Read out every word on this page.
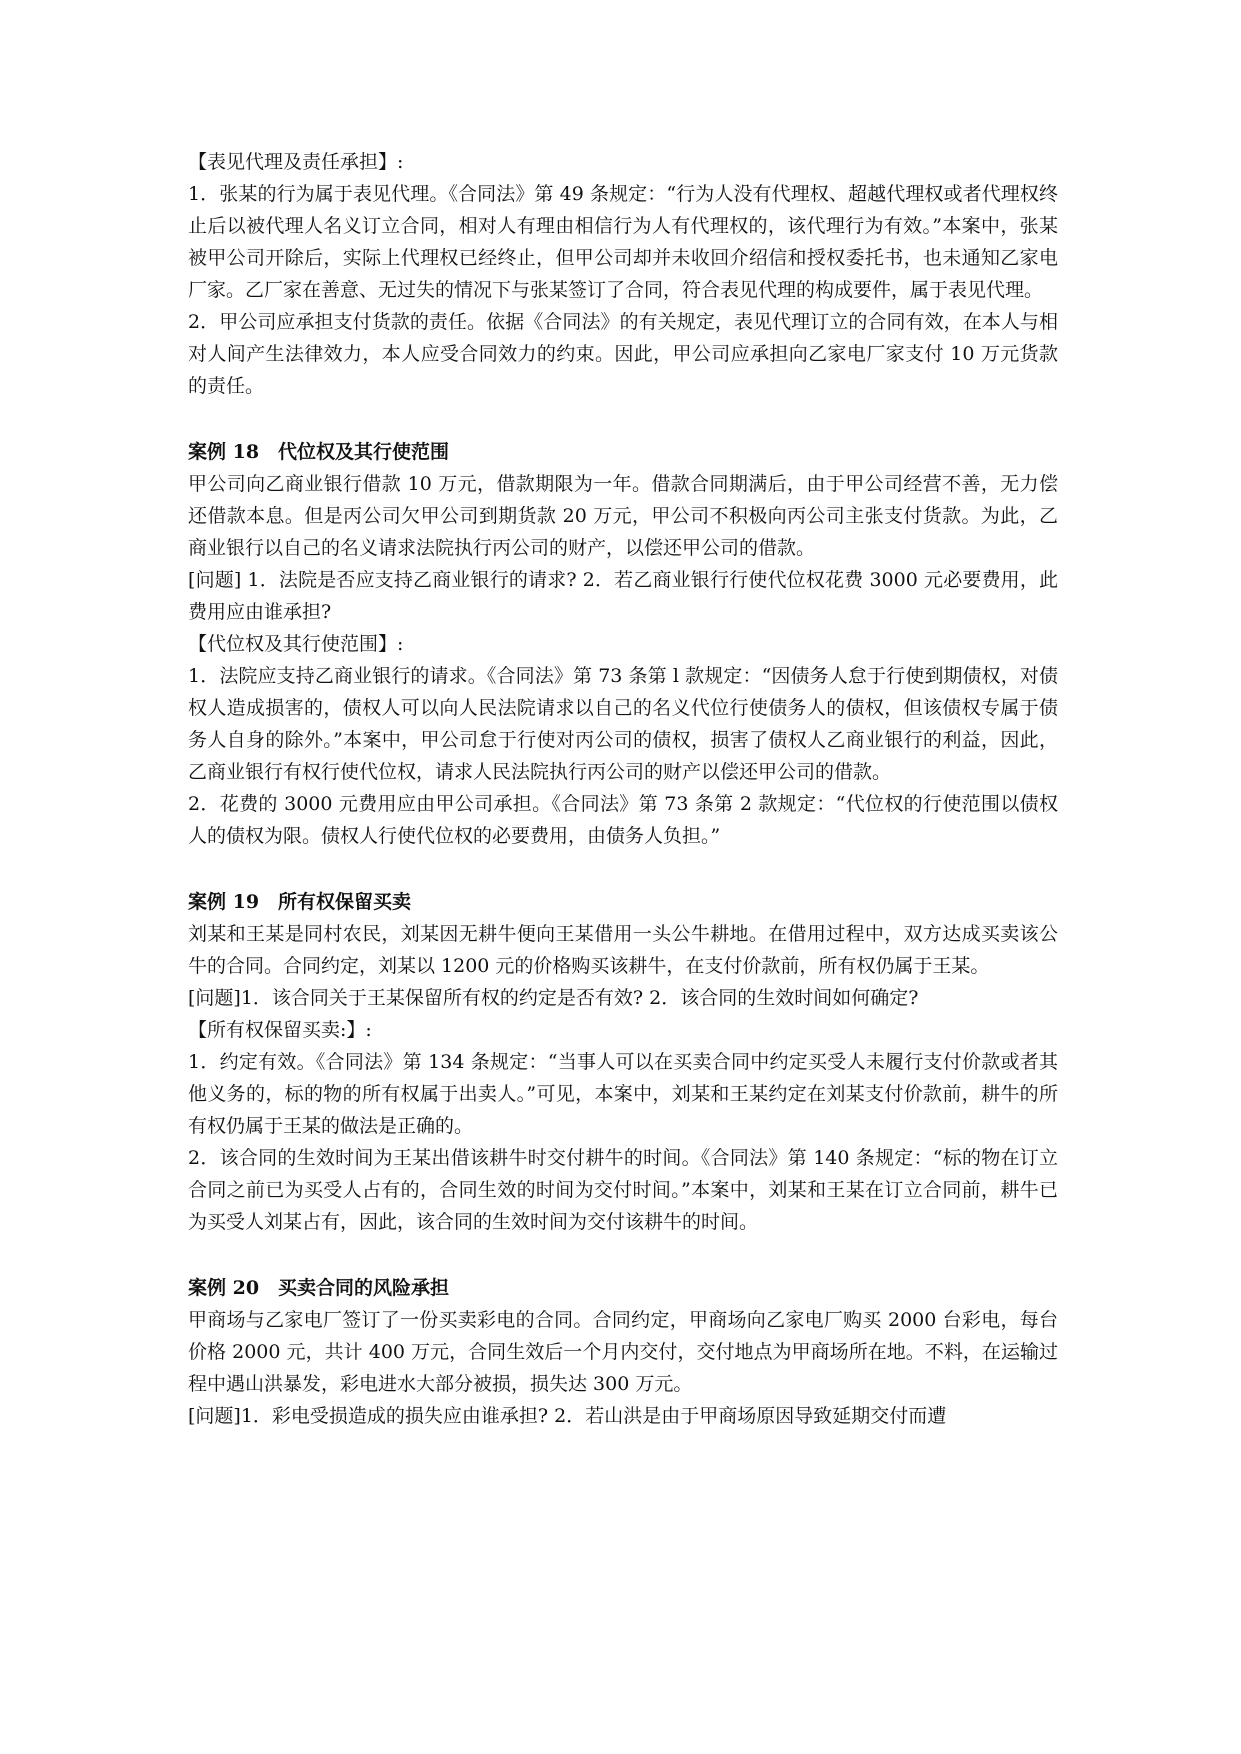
【表见代理及责任承担】:

1．张某的行为属于表见代理。《合同法》第 49 条规定：“行为人没有代理权、超越代理权或者代理权终止后以被代理人名义订立合同，相对人有理由相信行为人有代理权的，该代理行为有效。”本案中，张某被甲公司开除后，实际上代理权已经终止，但甲公司却并未收回介绍信和授权委托书，也未通知乙家电厂家。乙厂家在善意、无过失的情况下与张某签订了合同，符合表见代理的构成要件，属于表见代理。

2．甲公司应承担支付货款的责任。依据《合同法》的有关规定，表见代理订立的合同有效，在本人与相对人间产生法律效力，本人应受合同效力的约束。因此，甲公司应承担向乙家电厂家支付 10 万元货款的责任。

案例 18　代位权及其行使范围

甲公司向乙商业银行借款 10 万元，借款期限为一年。借款合同期满后，由于甲公司经营不善，无力偿还借款本息。但是丙公司欠甲公司到期货款 20 万元，甲公司不积极向丙公司主张支付货款。为此，乙商业银行以自己的名义请求法院执行丙公司的财产，以偿还甲公司的借款。

[问题] 1．法院是否应支持乙商业银行的请求? 2．若乙商业银行行使代位权花费 3000 元必要费用，此费用应由谁承担?

【代位权及其行使范围】:

1．法院应支持乙商业银行的请求。《合同法》第 73 条第 l 款规定：“因债务人怠于行使到期债权，对债权人造成损害的，债权人可以向人民法院请求以自己的名义代位行使债务人的债权，但该债权专属于债务人自身的除外。”本案中，甲公司怠于行使对丙公司的债权，损害了债权人乙商业银行的利益，因此，乙商业银行有权行使代位权，请求人民法院执行丙公司的财产以偿还甲公司的借款。

2．花费的 3000 元费用应由甲公司承担。《合同法》第 73 条第 2 款规定：“代位权的行使范围以债权人的债权为限。债权人行使代位权的必要费用，由债务人负担。”

案例 19　所有权保留买卖

刘某和王某是同村农民，刘某因无耕牛便向王某借用一头公牛耕地。在借用过程中，双方达成买卖该公牛的合同。合同约定，刘某以 1200 元的价格购买该耕牛，在支付价款前，所有权仍属于王某。

[问题]1．该合同关于王某保留所有权的约定是否有效? 2．该合同的生效时间如何确定?

【所有权保留买卖:】:

1．约定有效。《合同法》第 134 条规定：“当事人可以在买卖合同中约定买受人未履行支付价款或者其他义务的，标的物的所有权属于出卖人。”可见，本案中，刘某和王某约定在刘某支付价款前，耕牛的所有权仍属于王某的做法是正确的。

2．该合同的生效时间为王某出借该耕牛时交付耕牛的时间。《合同法》第 140 条规定：“标的物在订立合同之前已为买受人占有的，合同生效的时间为交付时间。”本案中，刘某和王某在订立合同前，耕牛已为买受人刘某占有，因此，该合同的生效时间为交付该耕牛的时间。

案例 20　买卖合同的风险承担

甲商场与乙家电厂签订了一份买卖彩电的合同。合同约定，甲商场向乙家电厂购买 2000 台彩电，每台价格 2000 元，共计 400 万元，合同生效后一个月内交付，交付地点为甲商场所在地。不料，在运输过程中遇山洪暴发，彩电进水大部分被损，损失达 300 万元。

[问题]1．彩电受损造成的损失应由谁承担? 2．若山洪是由于甲商场原因导致延期交付而遭
